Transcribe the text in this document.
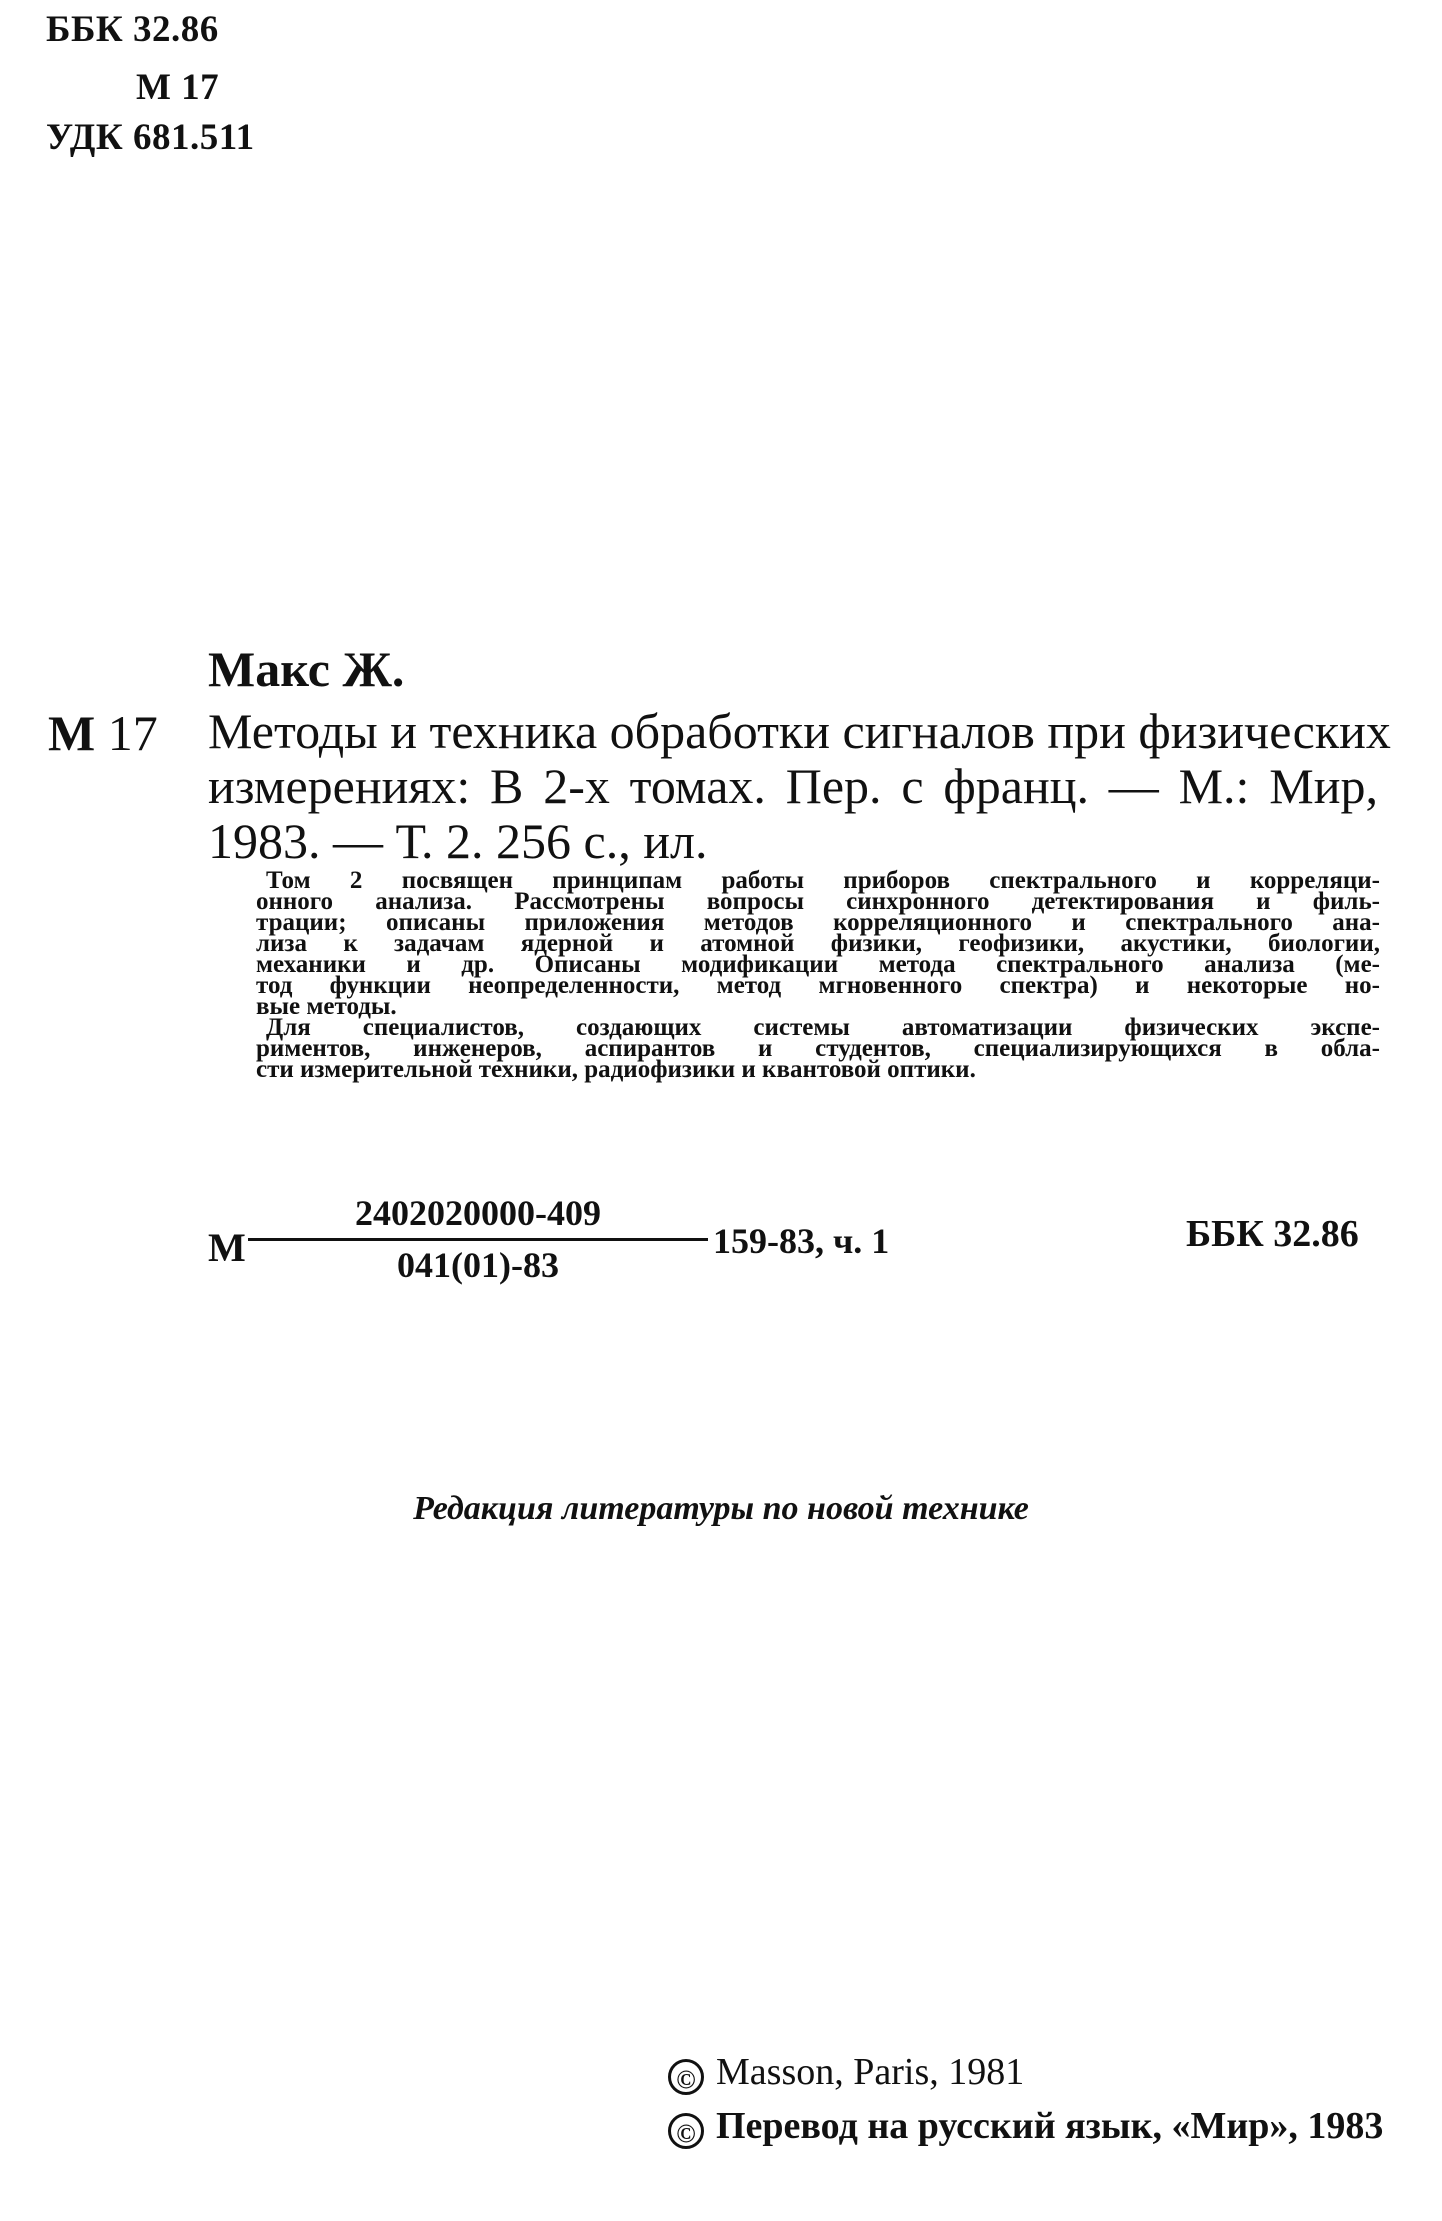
ББК 32.86
М 17
УДК 681.511
Макс Ж.
М 17 Методы и техника обработки сигналов при физических
измерениях: В 2-х томах. Пер. с франц. — М.: Мир,
1983. — Т. 2. 256 с., ил.
Том 2 посвящен принципам работы приборов спектрального и корреляци-
онного анализа. Рассмотрены вопросы синхронного детектирования и филь-
трации; описаны приложения методов корреляционного и спектрального ана-
лиза к задачам ядерной и атомной физики, геофизики, акустики, биологии,
механики и др. Описаны модификации метода спектрального анализа (ме-
тод функции неопределенности, метод мгновенного спектра) и некоторые но-
вые методы.
Для специалистов, создающих системы автоматизации физических экспе-
риментов, инженеров, аспирантов и студентов, специализирующихся в обла-
сти измерительной техники, радиофизики и квантовой оптики.
М
2402020000-409
041(01)-83
159-83, ч. 1	ББК 32.86
Редакция литературы по новой технике
© Masson, Paris, 1981
© Перевод на русский язык, «Мир», 1983
